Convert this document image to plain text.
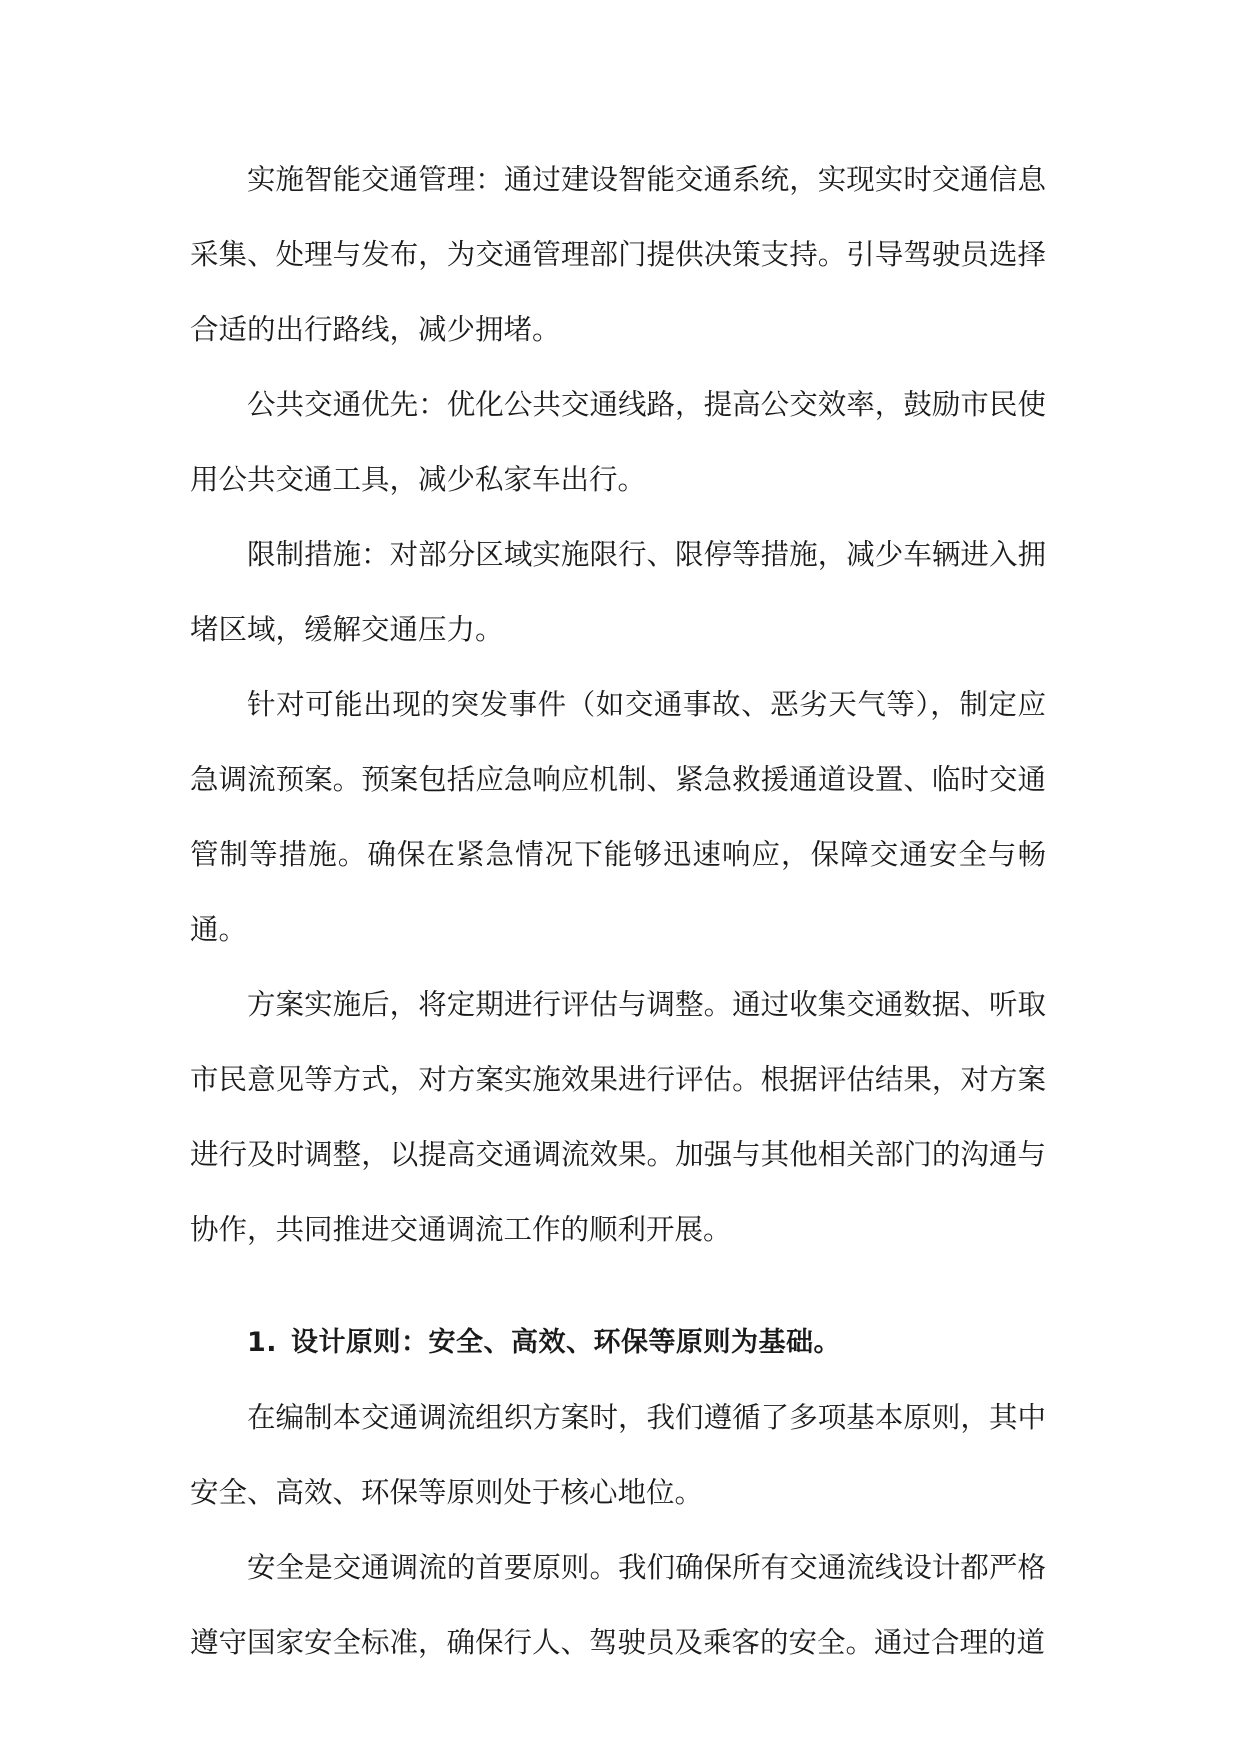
实施智能交通管理：通过建设智能交通系统，实现实时交通信息采集、处理与发布，为交通管理部门提供决策支持。引导驾驶员选择合适的出行路线，减少拥堵。

公共交通优先：优化公共交通线路，提高公交效率，鼓励市民使用公共交通工具，减少私家车出行。

限制措施：对部分区域实施限行、限停等措施，减少车辆进入拥堵区域，缓解交通压力。

针对可能出现的突发事件（如交通事故、恶劣天气等），制定应急调流预案。预案包括应急响应机制、紧急救援通道设置、临时交通管制等措施。确保在紧急情况下能够迅速响应，保障交通安全与畅通。

方案实施后，将定期进行评估与调整。通过收集交通数据、听取市民意见等方式，对方案实施效果进行评估。根据评估结果，对方案进行及时调整，以提高交通调流效果。加强与其他相关部门的沟通与协作，共同推进交通调流工作的顺利开展。

1. 设计原则：安全、高效、环保等原则为基础。

在编制本交通调流组织方案时，我们遵循了多项基本原则，其中安全、高效、环保等原则处于核心地位。

安全是交通调流的首要原则。我们确保所有交通流线设计都严格遵守国家安全标准，确保行人、驾驶员及乘客的安全。通过合理的道
